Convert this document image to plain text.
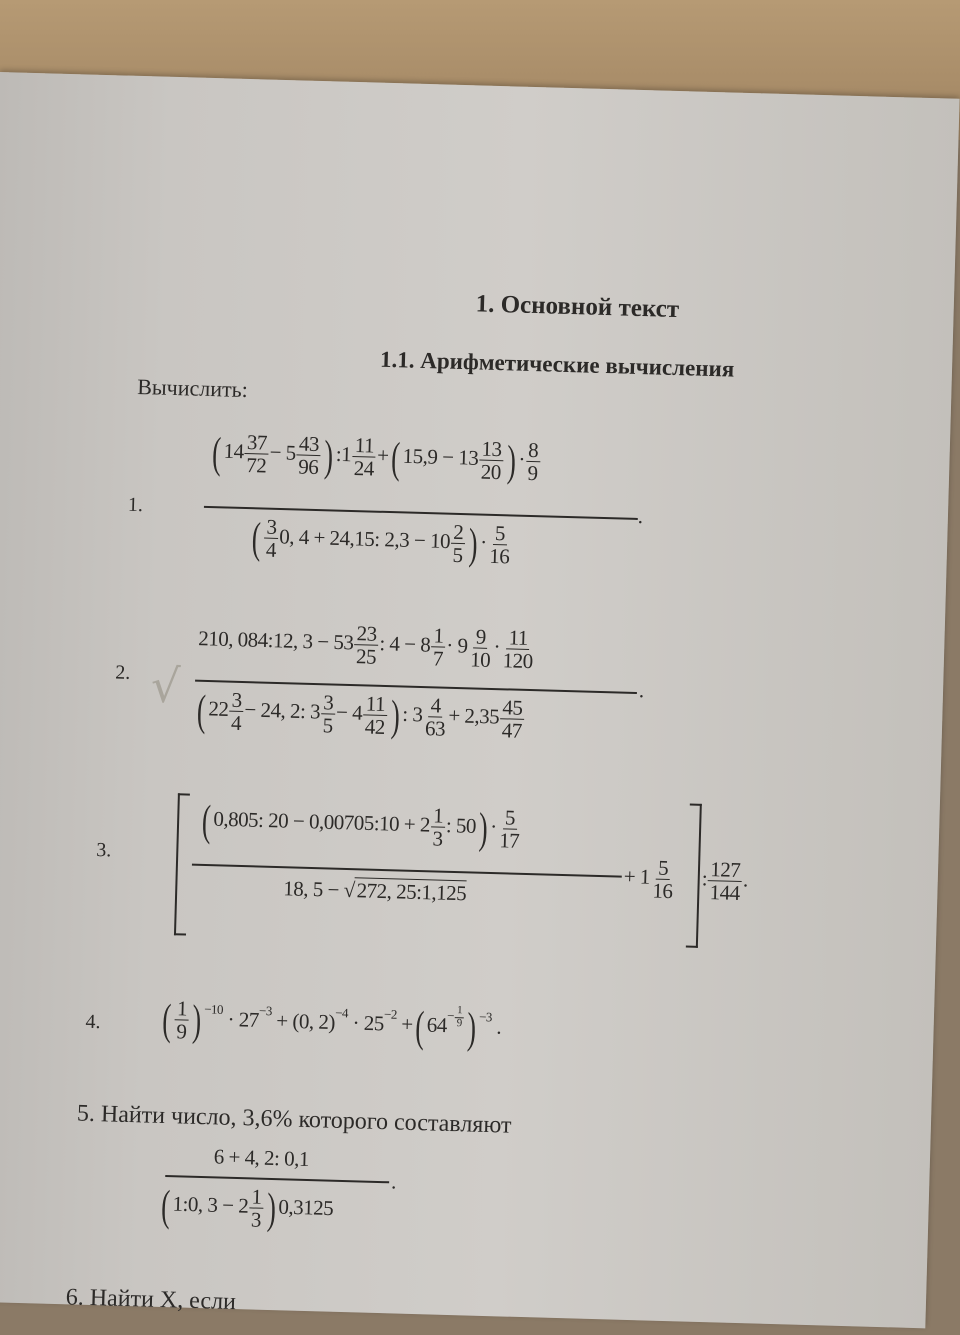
1. Основной текст
1.1. Арифметические вычисления
Вычислить:
1.
($14 \frac{37}{72} - 5 \frac{43}{96}$ ):1 $\frac{11}{24} +(15,9 - 13 \frac{13}{20}$ )· $\frac{8}{9}$
.
( $\frac{3}{4} 0$, 4 + 24,15: $2,3 - 10 \frac{2}{5}$ )· $\frac{5}{16}$
2. √
210, 084:12, $3 - 53 \frac{23}{25}$ : $4 - 8 \frac{1}{7} \cdot 9 \frac{9}{10} \cdot \frac{11}{120}$
.
($22 \frac{3}{4} - 24$, 2: $3 \frac{3}{5} - 4 \frac{11}{42}$ ): $3 \frac{4}{63} + 2,35 \frac{45}{47}$
3.
(0,805: 20 − 0,00705:10 + $2 \frac{1}{3}$ : $50)\cdot \frac{5}{17}$
18, 5 − √272, 25:1,125
+ $1 \frac{5}{16}$ : $\frac{127}{144}$ .
4. ( $\frac{1}{9}$ ) $^{-10} \cdot 27^{-3} + (0$, $2)^{-4} \cdot 25^{-2} +(64^{- \frac{1}{9}}$ ) $^{-3}$ .
5. Найти число, 3,6% которого составляют
6 + 4, 2: 0,1
.
(1:0, $3 - 2 \frac{1}{3} )0,3125$
6. Найти X, если
